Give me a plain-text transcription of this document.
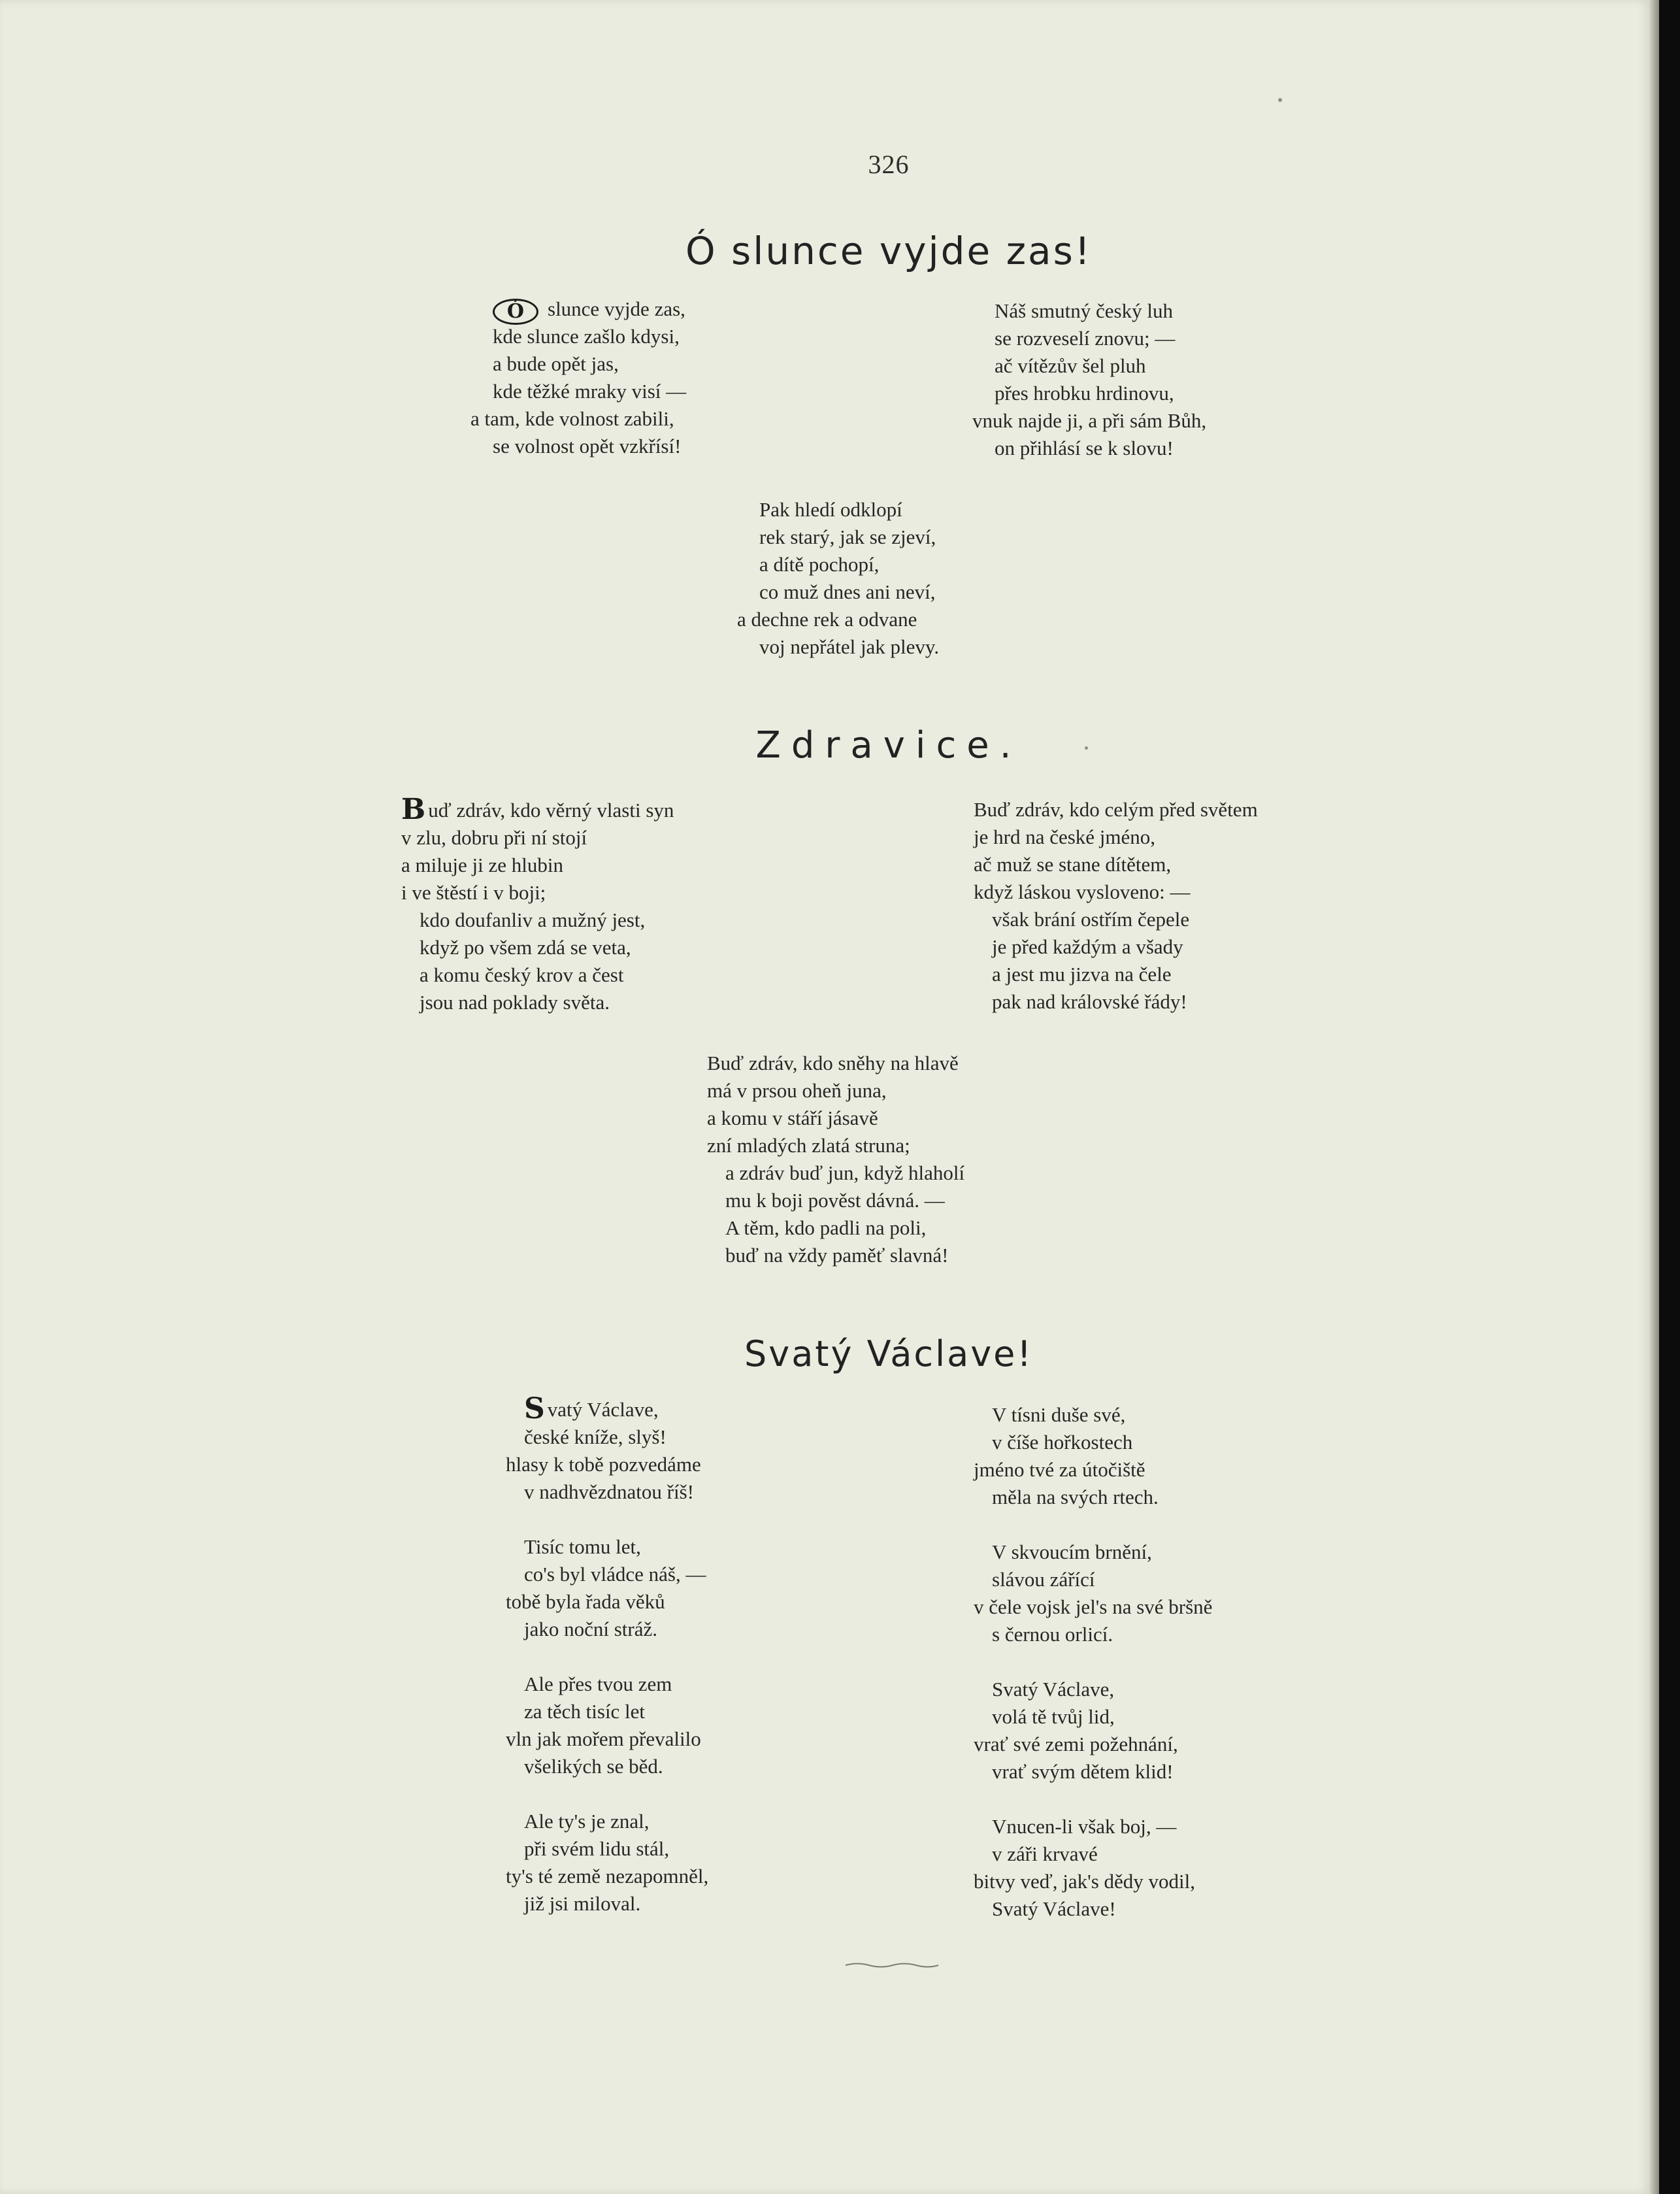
326
Ó slunce vyjde zas!
Ó slunce vyjde zas,
kde slunce zašlo kdysi,
a bude opět jas,
kde těžké mraky visí —
a tam, kde volnost zabili,
se volnost opět vzkřísí!
Náš smutný český luh
se rozveselí znovu; —
ač vítězův šel pluh
přes hrobku hrdinovu,
vnuk najde ji, a při sám Bůh,
on přihlásí se k slovu!
Pak hledí odklopí
rek starý, jak se zjeví,
a dítě pochopí,
co muž dnes ani neví,
a dechne rek a odvane
voj nepřátel jak plevy.
Zdravice.
B uď zdráv, kdo věrný vlasti syn
v zlu, dobru při ní stojí
a miluje ji ze hlubin
i ve štěstí i v boji;
kdo doufanliv a mužný jest,
když po všem zdá se veta,
a komu český krov a čest
jsou nad poklady světa.
Buď zdráv, kdo celým před světem
je hrd na české jméno,
ač muž se stane dítětem,
když láskou vysloveno: —
však brání ostřím čepele
je před každým a všady
a jest mu jizva na čele
pak nad královské řády!
Buď zdráv, kdo sněhy na hlavě
má v prsou oheň juna,
a komu v stáří jásavě
zní mladých zlatá struna;
a zdráv buď jun, když hlaholí
mu k boji pověst dávná. —
A těm, kdo padli na poli,
buď na vždy paměť slavná!
Svatý Václave!
S vatý Václave,
české kníže, slyš!
hlasy k tobě pozvedáme
v nadhvězdnatou říš!
Tisíc tomu let,
co's byl vládce náš, —
tobě byla řada věků
jako noční stráž.
Ale přes tvou zem
za těch tisíc let
vln jak mořem převalilo
všelikých se běd.
Ale ty's je znal,
při svém lidu stál,
ty's té země nezapomněl,
již jsi miloval.
V tísni duše své,
v číše hořkostech
jméno tvé za útočiště
měla na svých rtech.
V skvoucím brnění,
slávou zářící
v čele vojsk jel's na své bršně
s černou orlicí.
Svatý Václave,
volá tě tvůj lid,
vrať své zemi požehnání,
vrať svým dětem klid!
Vnucen-li však boj, —
v záři krvavé
bitvy veď, jak's dědy vodil,
Svatý Václave!
